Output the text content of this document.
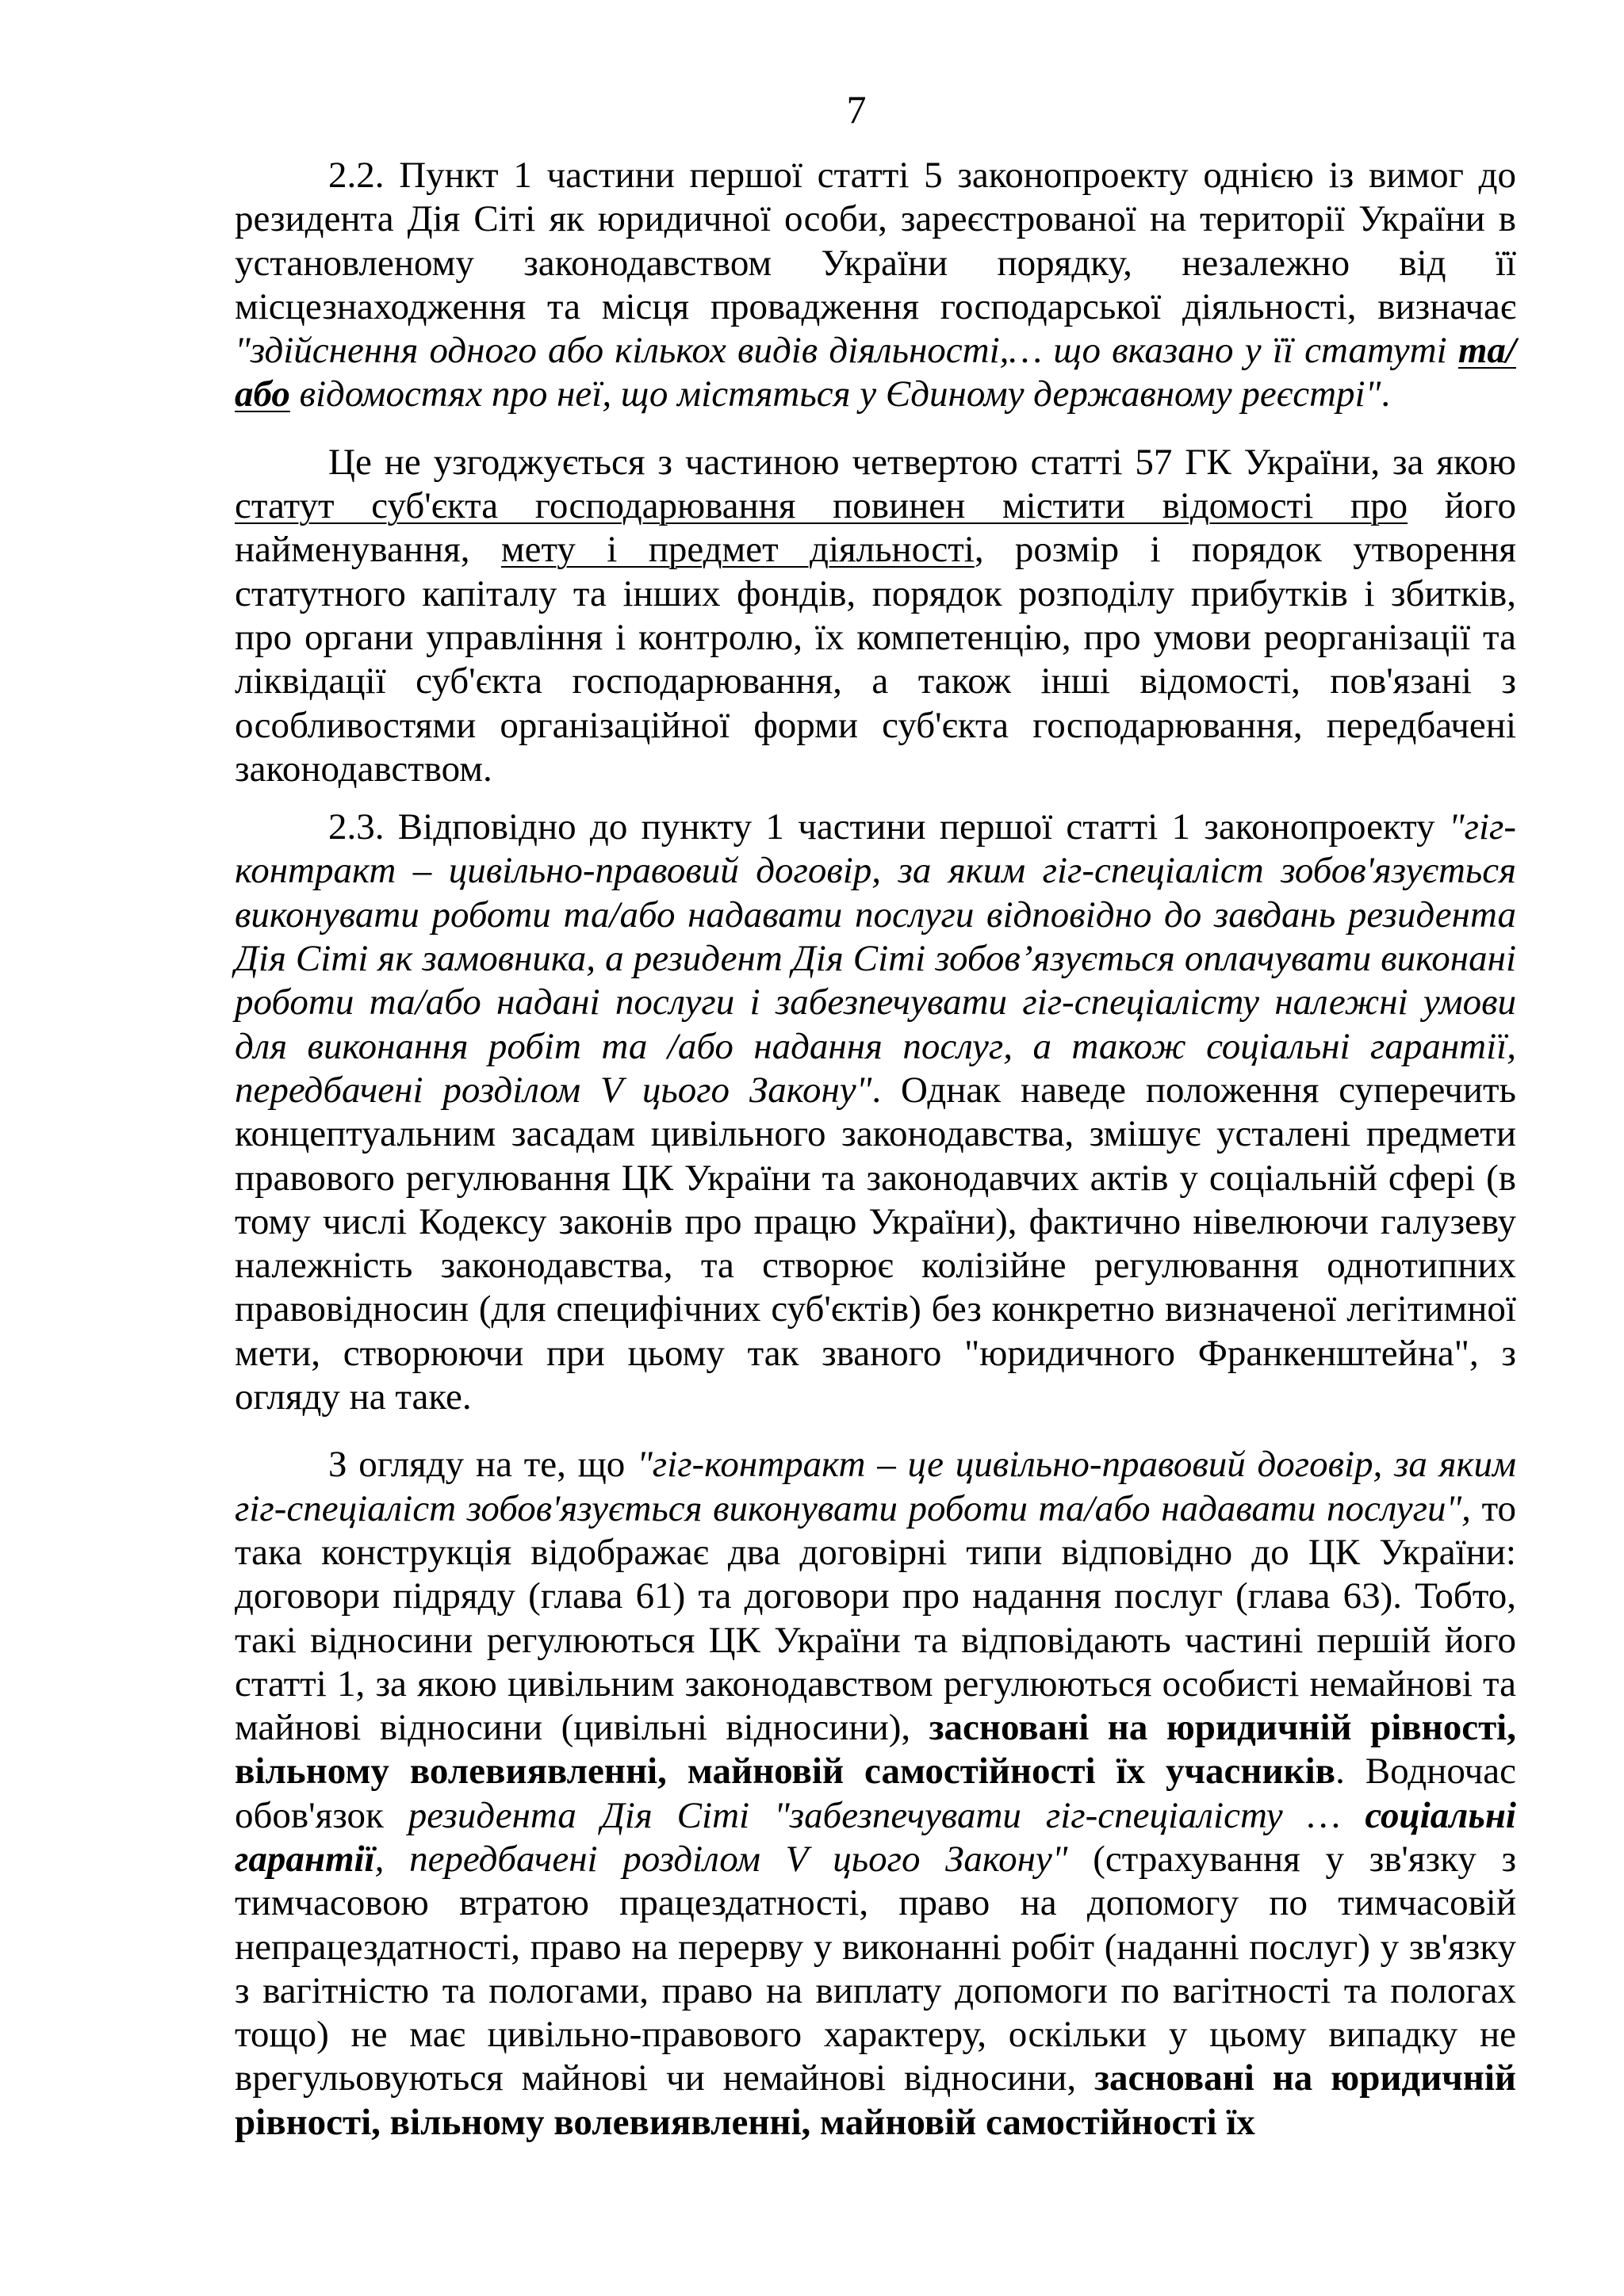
7

2.2. Пункт 1 частини першої статті 5 законопроекту однією із вимог до резидента Дія Сіті як юридичної особи, зареєстрованої на території України в установленому законодавством України порядку, незалежно від її місцезнаходження та місця провадження господарської діяльності, визначає "здійснення одного або кількох видів діяльності,… що вказано у її статуті та/або відомостях про неї, що містяться у Єдиному державному реєстрі".

Це не узгоджується з частиною четвертою статті 57 ГК України, за якою статут суб'єкта господарювання повинен містити відомості про його найменування, мету і предмет діяльності, розмір і порядок утворення статутного капіталу та інших фондів, порядок розподілу прибутків і збитків, про органи управління і контролю, їх компетенцію, про умови реорганізації та ліквідації суб'єкта господарювання, а також інші відомості, пов'язані з особливостями організаційної форми суб'єкта господарювання, передбачені законодавством.

2.3. Відповідно до пункту 1 частини першої статті 1 законопроекту "гіг-контракт – цивільно-правовий договір, за яким гіг-спеціаліст зобов'язується виконувати роботи та/або надавати послуги відповідно до завдань резидента Дія Сіті як замовника, а резидент Дія Сіті зобов’язується оплачувати виконані роботи та/або надані послуги і забезпечувати гіг-спеціалісту належні умови для виконання робіт та /або надання послуг, а також соціальні гарантії, передбачені розділом V цього Закону". Однак наведе положення суперечить концептуальним засадам цивільного законодавства, змішує усталені предмети правового регулювання ЦК України та законодавчих актів у соціальній сфері (в тому числі Кодексу законів про працю України), фактично нівелюючи галузеву належність законодавства, та створює колізійне регулювання однотипних правовідносин (для специфічних суб'єктів) без конкретно визначеної легітимної мети, створюючи при цьому так званого "юридичного Франкенштейна", з огляду на таке.

З огляду на те, що "гіг-контракт – це цивільно-правовий договір, за яким гіг-спеціаліст зобов'язується виконувати роботи та/або надавати послуги", то така конструкція відображає два договірні типи відповідно до ЦК України: договори підряду (глава 61) та договори про надання послуг (глава 63). Тобто, такі відносини регулюються ЦК України та відповідають частині першій його статті 1, за якою цивільним законодавством регулюються особисті немайнові та майнові відносини (цивільні відносини), засновані на юридичній рівності, вільному волевиявленні, майновій самостійності їх учасників. Водночас обов'язок резидента Дія Сіті "забезпечувати гіг-спеціалісту … соціальні гарантії, передбачені розділом V цього Закону" (страхування у зв'язку з тимчасовою втратою працездатності, право на допомогу по тимчасовій непрацездатності, право на перерву у виконанні робіт (наданні послуг) у зв'язку з вагітністю та пологами, право на виплату допомоги по вагітності та пологах тощо) не має цивільно-правового характеру, оскільки у цьому випадку не врегульовуються майнові чи немайнові відносини, засновані на юридичній рівності, вільному волевиявленні, майновій самостійності їх
